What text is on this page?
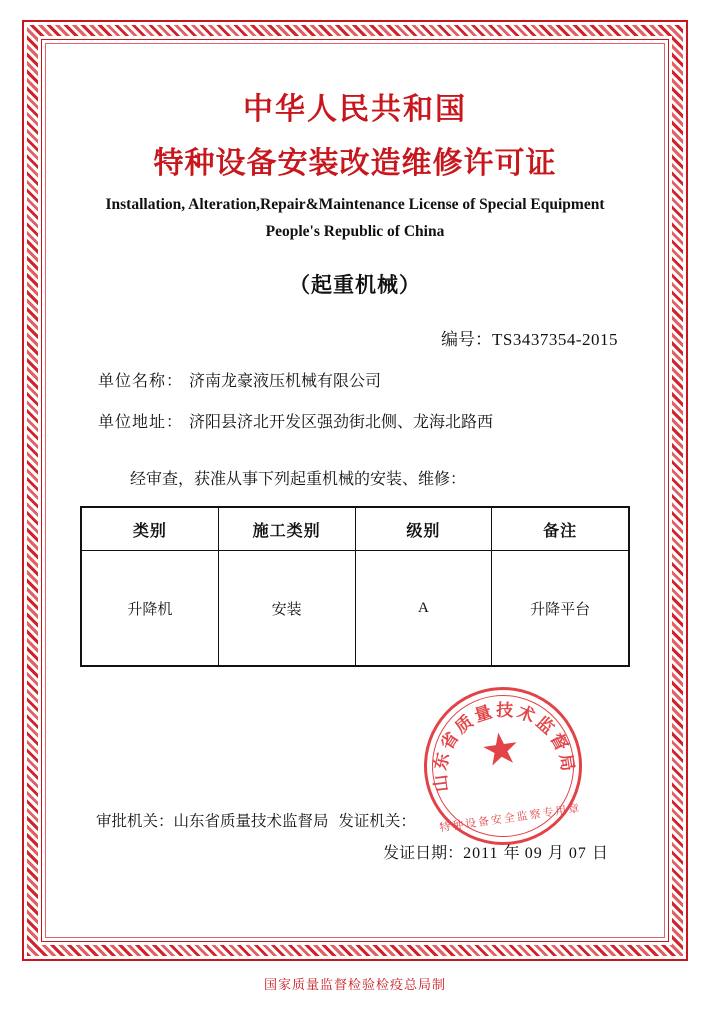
中华人民共和国
特种设备安装改造维修许可证
Installation, Alteration,Repair&Maintenance License of Special Equipment
People's Republic of China
（起重机械）
编号：TS3437354-2015
单位名称： 济南龙豪液压机械有限公司
单位地址： 济阳县济北开发区强劲街北侧、龙海北路西
经审查，获准从事下列起重机械的安装、维修：
类别	施工类别	级别	备注
升降机	安装	A	升降平台
山东省质量技术监督局
★
特种设备安全监察专用章
审批机关：山东省质量技术监督局 发证机关：
发证日期：2011 年 09 月 07 日
国家质量监督检验检疫总局制
